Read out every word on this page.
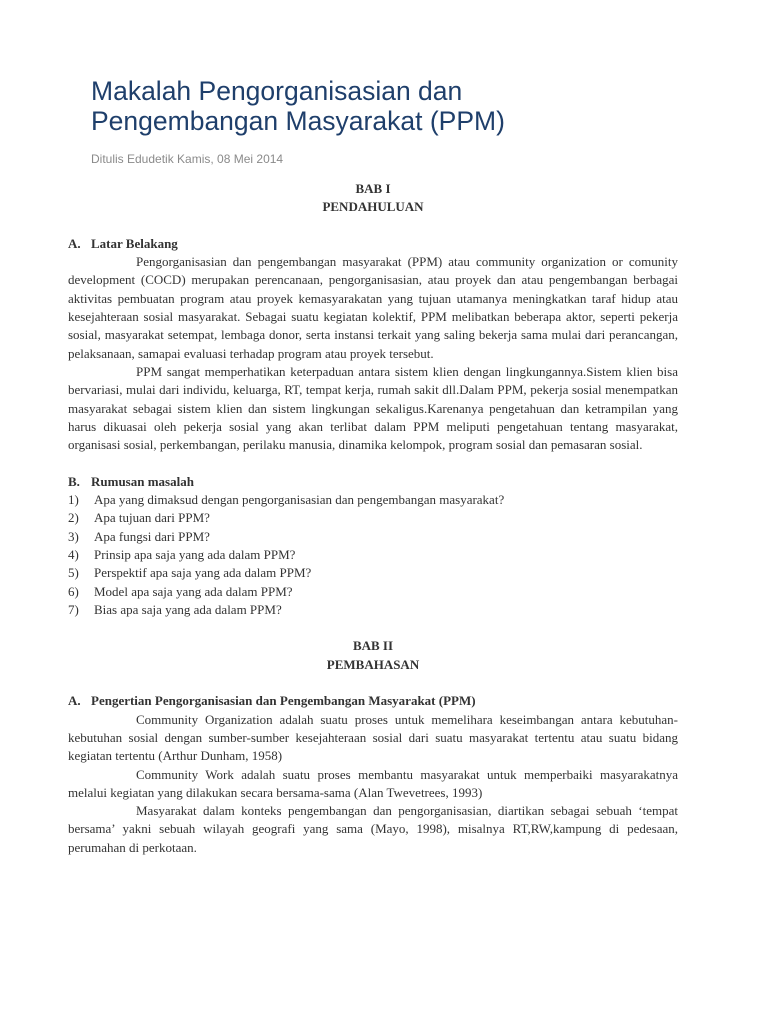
Makalah Pengorganisasian dan
Pengembangan Masyarakat (PPM)
Ditulis Edudetik Kamis, 08 Mei 2014
BAB I
PENDAHULUAN
A. Latar Belakang

Pengorganisasian dan pengembangan masyarakat (PPM) atau community organization or comunity development (COCD) merupakan perencanaan, pengorganisasian, atau proyek dan atau pengembangan berbagai aktivitas pembuatan program atau proyek kemasyarakatan yang tujuan utamanya meningkatkan taraf hidup atau kesejahteraan sosial masyarakat. Sebagai suatu kegiatan kolektif, PPM melibatkan beberapa aktor, seperti pekerja sosial, masyarakat setempat, lembaga donor, serta instansi terkait yang saling bekerja sama mulai dari perancangan, pelaksanaan, samapai evaluasi terhadap program atau proyek tersebut.

PPM sangat memperhatikan keterpaduan antara sistem klien dengan lingkungannya.Sistem klien bisa bervariasi, mulai dari individu, keluarga, RT, tempat kerja, rumah sakit dll.Dalam PPM, pekerja sosial menempatkan masyarakat sebagai sistem klien dan sistem lingkungan sekaligus.Karenanya pengetahuan dan ketrampilan yang harus dikuasai oleh pekerja sosial yang akan terlibat dalam PPM meliputi pengetahuan tentang masyarakat, organisasi sosial, perkembangan, perilaku manusia, dinamika kelompok, program sosial dan pemasaran sosial.

B. Rumusan masalah
1)	Apa yang dimaksud dengan pengorganisasian dan pengembangan masyarakat?
2)	Apa tujuan dari PPM?
3)	Apa fungsi dari PPM?
4)	Prinsip apa saja yang ada dalam PPM?
5)	Perspektif apa saja yang ada dalam PPM?
6)	Model apa saja yang ada dalam PPM?
7)	Bias apa saja yang ada dalam PPM?
BAB II
PEMBAHASAN
A. Pengertian Pengorganisasian dan Pengembangan Masyarakat (PPM)

Community Organization adalah suatu proses untuk memelihara keseimbangan antara kebutuhan-kebutuhan sosial dengan sumber-sumber kesejahteraan sosial dari suatu masyarakat tertentu atau suatu bidang kegiatan tertentu (Arthur Dunham, 1958)

Community Work adalah suatu proses membantu masyarakat untuk memperbaiki masyarakatnya melalui kegiatan yang dilakukan secara bersama-sama (Alan Twevetrees, 1993)

Masyarakat dalam konteks pengembangan dan pengorganisasian, diartikan sebagai sebuah ‘tempat bersama’ yakni sebuah wilayah geografi yang sama (Mayo, 1998), misalnya RT,RW,kampung di pedesaan, perumahan di perkotaan.
